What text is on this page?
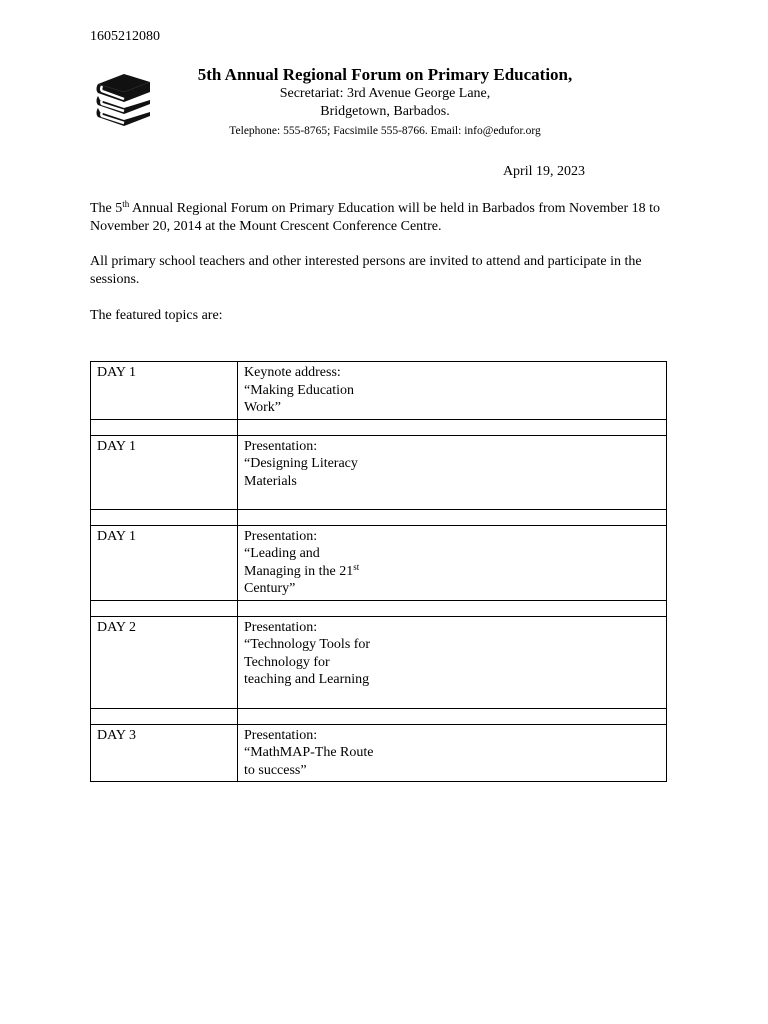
1605212080
5th Annual Regional Forum on Primary Education,
Secretariat: 3rd Avenue George Lane,
Bridgetown, Barbados.
Telephone: 555-8765; Facsimile 555-8766. Email: info@edufor.org
April 19, 2023
The 5th Annual Regional Forum on Primary Education will be held in Barbados from November 18 to November 20, 2014 at the Mount Crescent Conference Centre.
All primary school teachers and other interested persons are invited to attend and participate in the sessions.
The featured topics are:
DAY 1	Keynote address:
“Making Education Work”

DAY 1	Presentation:
“Designing Literacy Materials

DAY 1	Presentation:
“Leading and Managing in the 21st Century”

DAY 2	Presentation:
“Technology Tools for Technology for teaching and Learning

DAY 3	Presentation:
“MathMAP-The Route to success”
